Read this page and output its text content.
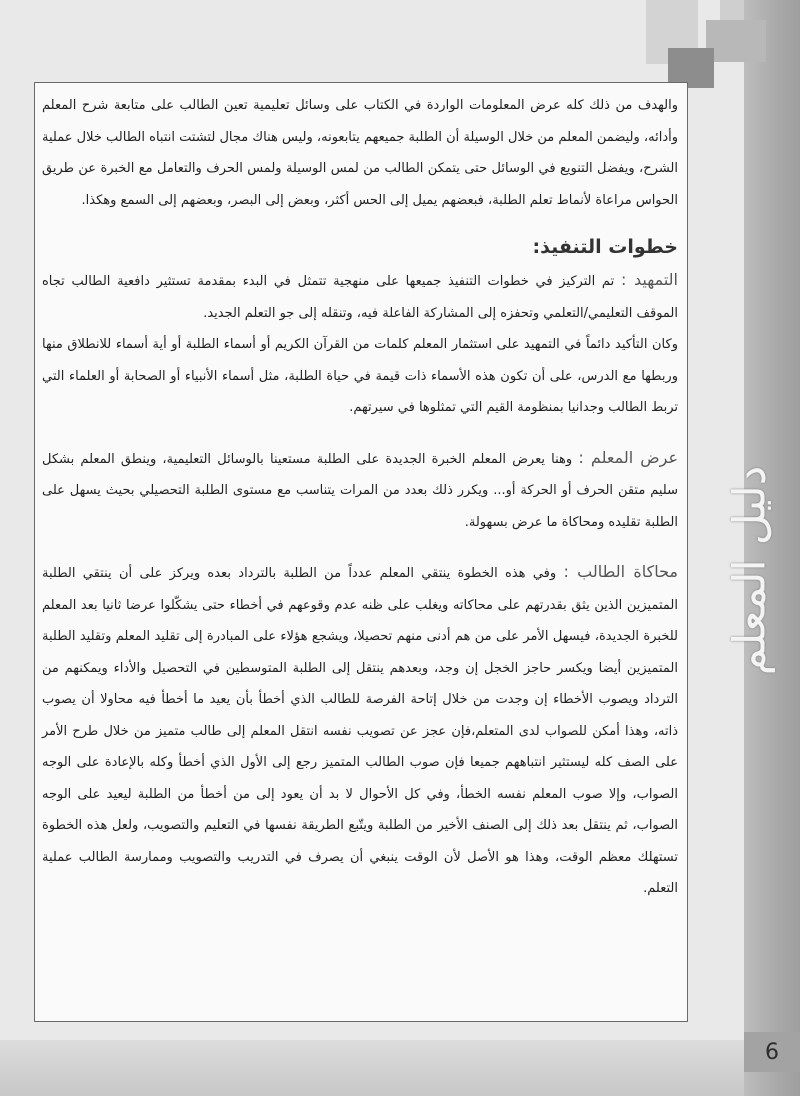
دليل المعلم
6

والهدف من ذلك كله عرض المعلومات الواردة في الكتاب على وسائل تعليمية تعين الطالب على متابعة شرح المعلم وأدائه، وليضمن المعلم من خلال الوسيلة أن الطلبة جميعهم يتابعونه، وليس هناك مجال لتشتت انتباه الطالب خلال عملية الشرح، ويفضل التنويع في الوسائل حتى يتمكن الطالب من لمس الوسيلة ولمس الحرف والتعامل مع الخبرة عن طريق الحواس مراعاة لأنماط تعلم الطلبة، فبعضهم يميل إلى الحس أكثر، وبعض إلى البصر، وبعضهم إلى السمع وهكذا.

خطوات التنفيذ:

التمهيد : تم التركيز في خطوات التنفيذ جميعها على منهجية تتمثل في البدء بمقدمة تستثير دافعية الطالب تجاه الموقف التعليمي/التعلمي وتحفزه إلى المشاركة الفاعلة فيه، وتنقله إلى جو التعلم الجديد.

وكان التأكيد دائماً في التمهيد على استثمار المعلم كلمات من القرآن الكريم أو أسماء الطلبة أو أية أسماء للانطلاق منها وربطها مع الدرس، على أن تكون هذه الأسماء ذات قيمة في حياة الطلبة، مثل أسماء الأنبياء أو الصحابة أو العلماء التي تربط الطالب وجدانيا بمنظومة القيم التي تمثلوها في سيرتهم.

عرض المعلم : وهنا يعرض المعلم الخبرة الجديدة على الطلبة مستعينا بالوسائل التعليمية، وينطق المعلم بشكل سليم متقن الحرف أو الحركة أو... ويكرر ذلك بعدد من المرات يتناسب مع مستوى الطلبة التحصيلي بحيث يسهل على الطلبة تقليده ومحاكاة ما عرض بسهولة.

محاكاة الطالب : وفي هذه الخطوة ينتقي المعلم عدداً من الطلبة بالترداد بعده ويركز على أن ينتقي الطلبة المتميزين الذين يثق بقدرتهم على محاكاته ويغلب على ظنه عدم وقوعهم في أخطاء حتى يشكّلوا عرضا ثانيا بعد المعلم للخبرة الجديدة، فيسهل الأمر على من هم أدنى منهم تحصيلا، ويشجع هؤلاء على المبادرة إلى تقليد المعلم وتقليد الطلبة المتميزين أيضا ويكسر حاجز الخجل إن وجد، وبعدهم ينتقل إلى الطلبة المتوسطين في التحصيل والأداء ويمكنهم من الترداد ويصوب الأخطاء إن وجدت من خلال إتاحة الفرصة للطالب الذي أخطأ بأن يعيد ما أخطأ فيه محاولا أن يصوب ذاته، وهذا أمكن للصواب لدى المتعلم،فإن عجز عن تصويب نفسه انتقل المعلم إلى طالب متميز من خلال طرح الأمر على الصف كله ليستثير انتباههم جميعا فإن صوب الطالب المتميز رجع إلى الأول الذي أخطأ وكله بالإعادة على الوجه الصواب، وإلا صوب المعلم نفسه الخطأ، وفي كل الأحوال لا بد أن يعود إلى من أخطأ من الطلبة ليعيد على الوجه الصواب، ثم ينتقل بعد ذلك إلى الصنف الأخير من الطلبة ويتّبع الطريقة نفسها في التعليم والتصويب، ولعل هذه الخطوة تستهلك معظم الوقت، وهذا هو الأصل لأن الوقت ينبغي أن يصرف في التدريب والتصويب وممارسة الطالب عملية التعلم.
